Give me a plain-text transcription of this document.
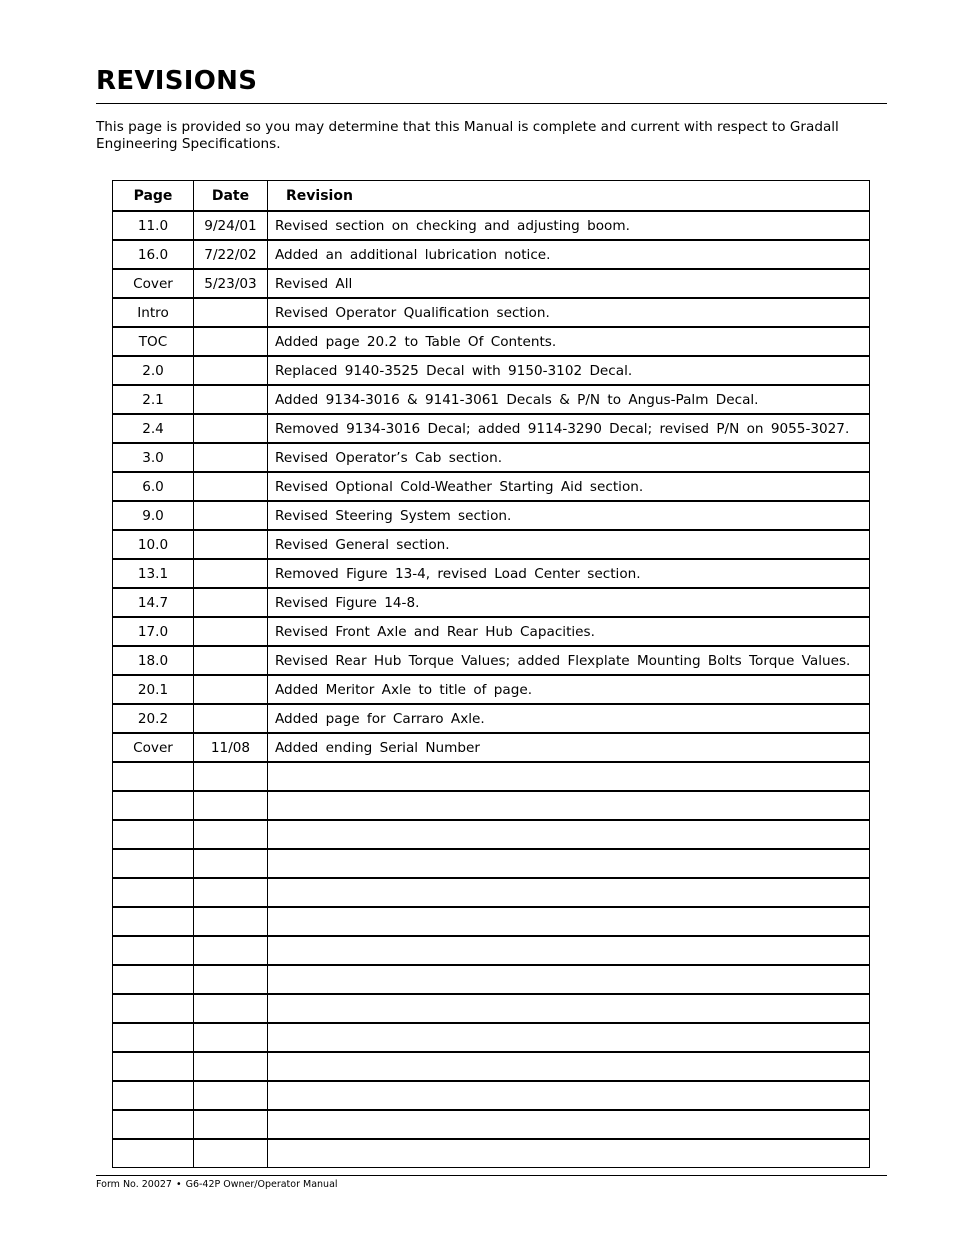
REVISIONS

This page is provided so you may determine that this Manual is complete and current with respect to Gradall Engineering Specifications.

Page	Date	Revision
11.0	9/24/01	Revised section on checking and adjusting boom.
16.0	7/22/02	Added an additional lubrication notice.
Cover	5/23/03	Revised All
Intro		Revised Operator Qualification section.
TOC		Added page 20.2 to Table Of Contents.
2.0		Replaced 9140-3525 Decal with 9150-3102 Decal.
2.1		Added 9134-3016 & 9141-3061 Decals & P/N to Angus-Palm Decal.
2.4		Removed 9134-3016 Decal; added 9114-3290 Decal; revised P/N on 9055-3027.
3.0		Revised Operator’s Cab section.
6.0		Revised Optional Cold-Weather Starting Aid section.
9.0		Revised Steering System section.
10.0		Revised General section.
13.1		Removed Figure 13-4, revised Load Center section.
14.7		Revised Figure 14-8.
17.0		Revised Front Axle and Rear Hub Capacities.
18.0		Revised Rear Hub Torque Values; added Flexplate Mounting Bolts Torque Values.
20.1		Added Meritor Axle to title of page.
20.2		Added page for Carraro Axle.
Cover	11/08	Added ending Serial Number

Form No. 20027 • G6-42P Owner/Operator Manual
